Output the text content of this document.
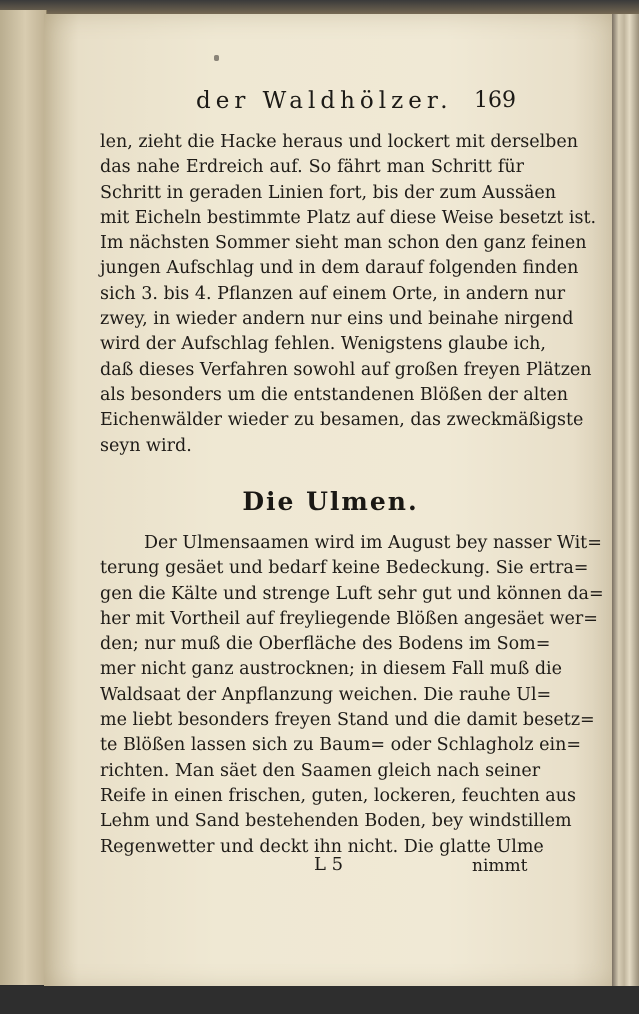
der Waldhölzer. 169
len, zieht die Hacke heraus und lockert mit derselben
das nahe Erdreich auf. So fährt man Schritt für
Schritt in geraden Linien fort, bis der zum Aussäen
mit Eicheln bestimmte Platz auf diese Weise besetzt ist.
Im nächsten Sommer sieht man schon den ganz feinen
jungen Aufschlag und in dem darauf folgenden finden
sich 3. bis 4. Pflanzen auf einem Orte, in andern nur
zwey, in wieder andern nur eins und beinahe nirgend
wird der Aufschlag fehlen. Wenigstens glaube ich,
daß dieses Verfahren sowohl auf großen freyen Plätzen
als besonders um die entstandenen Blößen der alten
Eichenwälder wieder zu besamen, das zweckmäßigste
seyn wird.
Die Ulmen.
Der Ulmensaamen wird im August bey nasser Wit=
terung gesäet und bedarf keine Bedeckung. Sie ertra=
gen die Kälte und strenge Luft sehr gut und können da=
her mit Vortheil auf freyliegende Blößen angesäet wer=
den; nur muß die Oberfläche des Bodens im Som=
mer nicht ganz austrocknen; in diesem Fall muß die
Waldsaat der Anpflanzung weichen. Die rauhe Ul=
me liebt besonders freyen Stand und die damit besetz=
te Blößen lassen sich zu Baum= oder Schlagholz ein=
richten. Man säet den Saamen gleich nach seiner
Reife in einen frischen, guten, lockeren, feuchten aus
Lehm und Sand bestehenden Boden, bey windstillem
Regenwetter und deckt ihn nicht. Die glatte Ulme
L 5	nimmt
